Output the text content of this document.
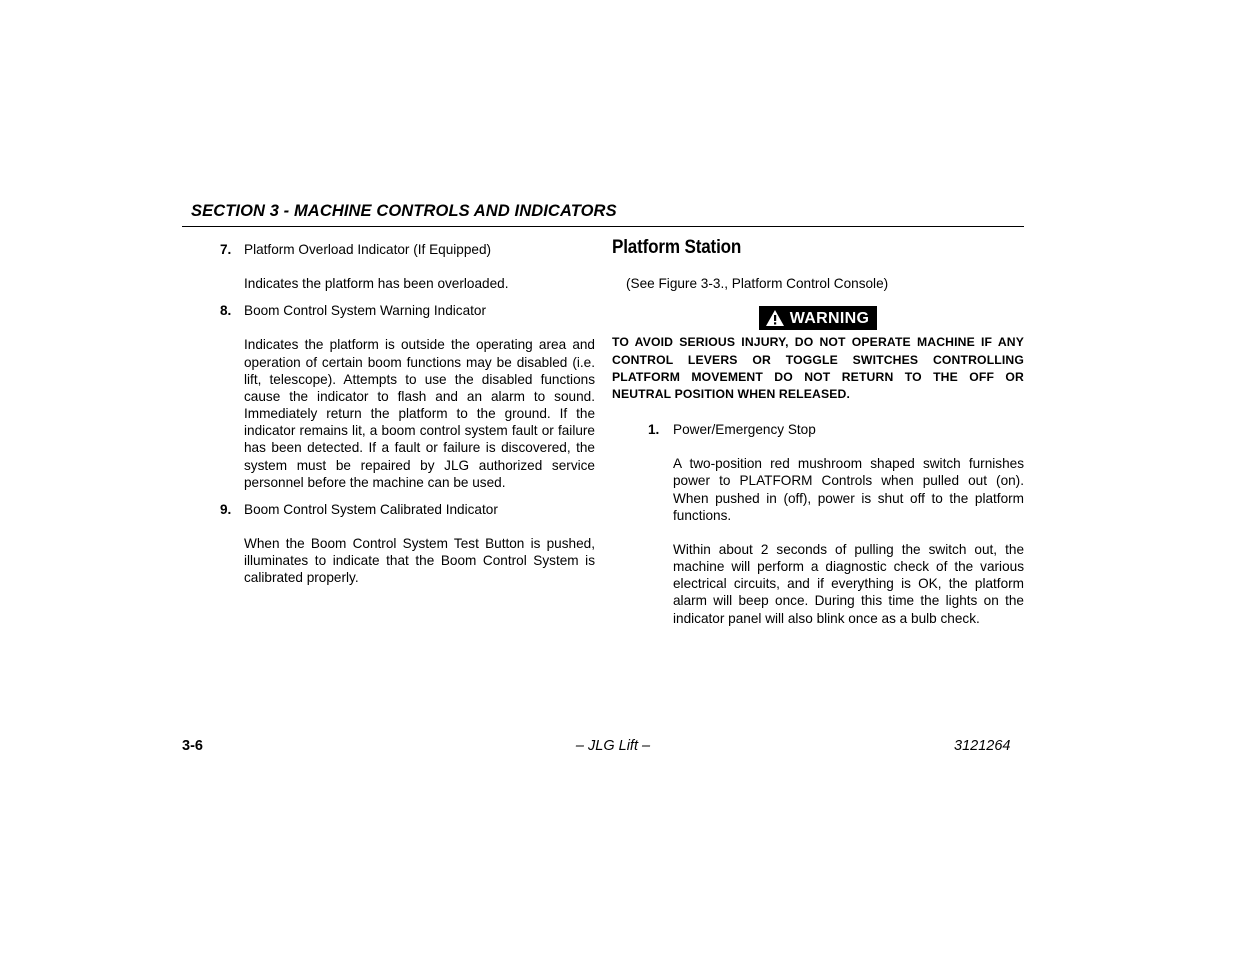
SECTION 3 - MACHINE CONTROLS AND INDICATORS
7. Platform Overload Indicator (If Equipped)

Indicates the platform has been overloaded.

8. Boom Control System Warning Indicator

Indicates the platform is outside the operating area and operation of certain boom functions may be disabled (i.e. lift, telescope). Attempts to use the disabled functions cause the indicator to flash and an alarm to sound. Immediately return the platform to the ground. If the indicator remains lit, a boom control system fault or failure has been detected. If a fault or failure is discovered, the system must be repaired by JLG authorized service personnel before the machine can be used.

9. Boom Control System Calibrated Indicator

When the Boom Control System Test Button is pushed, illuminates to indicate that the Boom Control System is calibrated properly.

Platform Station

(See Figure 3-3., Platform Control Console)

WARNING
TO AVOID SERIOUS INJURY, DO NOT OPERATE MACHINE IF ANY CONTROL LEVERS OR TOGGLE SWITCHES CONTROLLING PLATFORM MOVEMENT DO NOT RETURN TO THE OFF OR NEUTRAL POSITION WHEN RELEASED.
1. Power/Emergency Stop

A two-position red mushroom shaped switch furnishes power to PLATFORM Controls when pulled out (on). When pushed in (off), power is shut off to the platform functions.

Within about 2 seconds of pulling the switch out, the machine will perform a diagnostic check of the various electrical circuits, and if everything is OK, the platform alarm will beep once. During this time the lights on the indicator panel will also blink once as a bulb check.

3-6	– JLG Lift –	3121264
